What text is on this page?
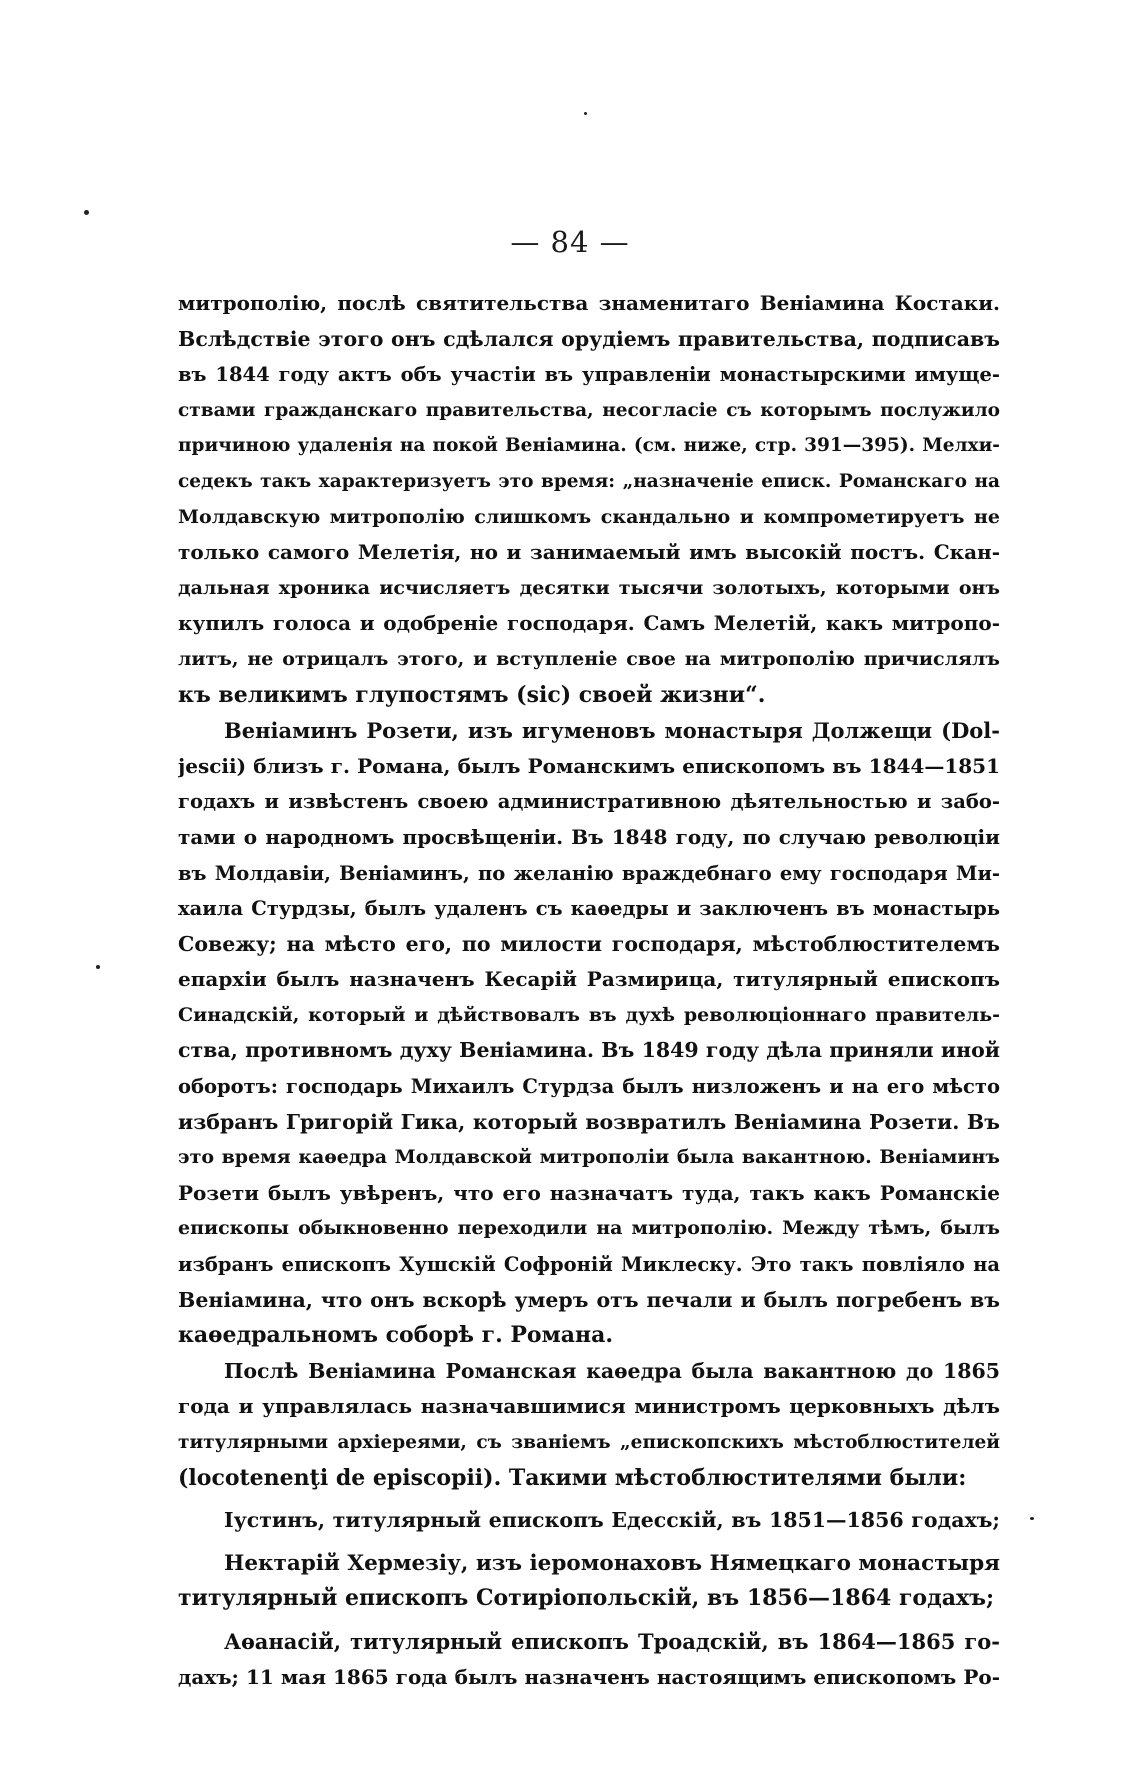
— 84 —
митрополію, послѣ святительства знаменитаго Веніамина Костаки.
Вслѣдствіе этого онъ сдѣлался орудіемъ правительства, подписавъ
въ 1844 году актъ объ участіи въ управленіи монастырскими имуще-
ствами гражданскаго правительства, несогласіе съ которымъ послужило
причиною удаленія на покой Веніамина. (см. ниже, стр. 391—395). Мелхи-
седекъ такъ характеризуетъ это время: „назначеніе еписк. Романскаго на
Молдавскую митрополію слишкомъ скандально и компрометируетъ не
только самого Мелетія, но и занимаемый имъ высокій постъ. Скан-
дальная хроника исчисляетъ десятки тысячи золотыхъ, которыми онъ
купилъ голоса и одобреніе господаря. Самъ Мелетій, какъ митропо-
литъ, не отрицалъ этого, и вступленіе свое на митрополію причислялъ
къ великимъ глупостямъ (sic) своей жизни“.
Веніаминъ Розети, изъ игуменовъ монастыря Должещи (Dol-
jescii) близъ г. Романа, былъ Романскимъ епископомъ въ 1844—1851
годахъ и извѣстенъ своею административною дѣятельностью и забо-
тами о народномъ просвѣщеніи. Въ 1848 году, по случаю революціи
въ Молдавіи, Веніаминъ, по желанію враждебнаго ему господаря Ми-
хаила Стурдзы, былъ удаленъ съ каѳедры и заключенъ въ монастырь
Совежу; на мѣсто его, по милости господаря, мѣстоблюстителемъ
епархіи былъ назначенъ Кесарій Размирица, титулярный епископъ
Синадскій, который и дѣйствовалъ въ духѣ революціоннаго правитель-
ства, противномъ духу Веніамина. Въ 1849 году дѣла приняли иной
оборотъ: господарь Михаилъ Стурдза былъ низложенъ и на его мѣсто
избранъ Григорій Гика, который возвратилъ Веніамина Розети. Въ
это время каѳедра Молдавской митрополіи была вакантною. Веніаминъ
Розети былъ увѣренъ, что его назначатъ туда, такъ какъ Романскіе
епископы обыкновенно переходили на митрополію. Между тѣмъ, былъ
избранъ епископъ Хушскій Софроній Миклеску. Это такъ повліяло на
Веніамина, что онъ вскорѣ умеръ отъ печали и былъ погребенъ въ
каѳедральномъ соборѣ г. Романа.
Послѣ Веніамина Романская каѳедра была вакантною до 1865
года и управлялась назначавшимися министромъ церковныхъ дѣлъ
титулярными архіереями, съ званіемъ „епископскихъ мѣстоблюстителей
(locotenenţi de episcopii). Такими мѣстоблюстителями были:
Іустинъ, титулярный епископъ Едесскій, въ 1851—1856 годахъ;
Нектарій Хермезіу, изъ іеромонаховъ Нямецкаго монастыря
титулярный епископъ Сотиріопольскій, въ 1856—1864 годахъ;
Аѳанасій, титулярный епископъ Троадскій, въ 1864—1865 го-
дахъ; 11 мая 1865 года былъ назначенъ настоящимъ епископомъ Ро-
